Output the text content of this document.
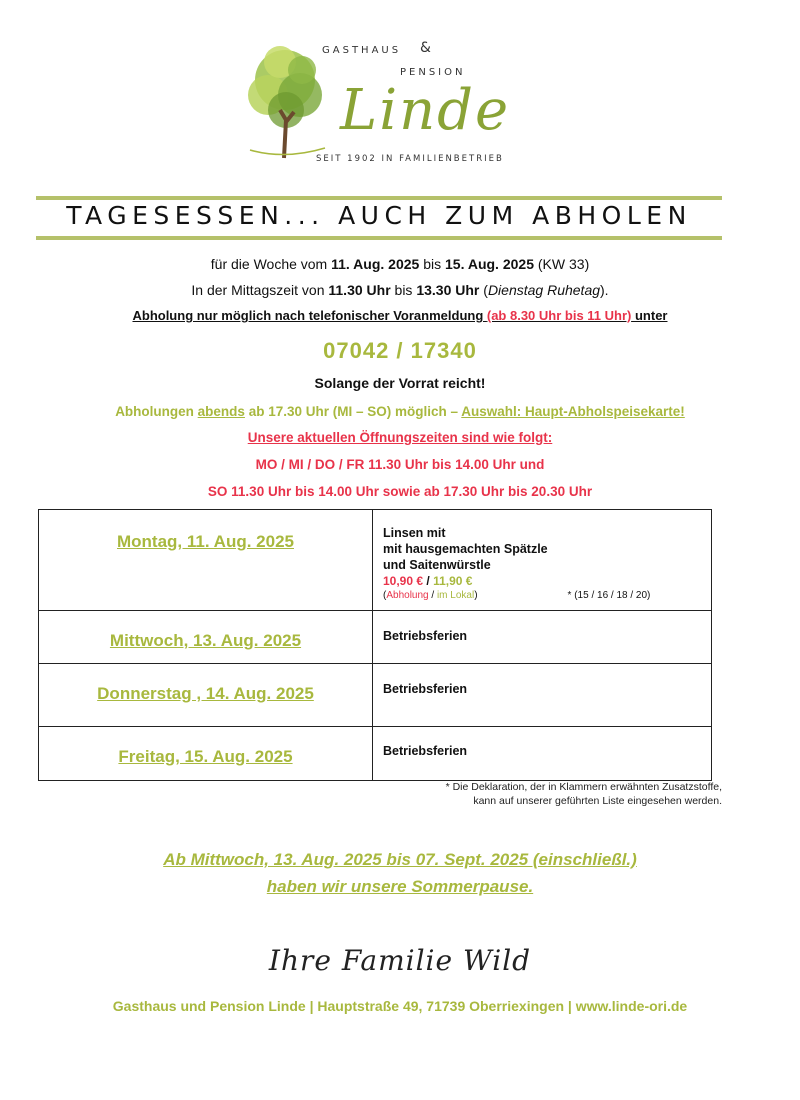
GASTHAUS &
PENSION
Linde
SEIT 1902 IN FAMILIENBETRIEB
TAGESESSEN... AUCH ZUM ABHOLEN
für die Woche vom 11. Aug. 2025 bis 15. Aug. 2025 (KW 33)
In der Mittagszeit von 11.30 Uhr bis 13.30 Uhr (Dienstag Ruhetag).
Abholung nur möglich nach telefonischer Voranmeldung (ab 8.30 Uhr bis 11 Uhr) unter
07042 / 17340
Solange der Vorrat reicht!
Abholungen abends ab 17.30 Uhr (MI – SO) möglich – Auswahl: Haupt-Abholspeisekarte!
Unsere aktuellen Öffnungszeiten sind wie folgt:
MO / MI / DO / FR 11.30 Uhr bis 14.00 Uhr und
SO 11.30 Uhr bis 14.00 Uhr sowie ab 17.30 Uhr bis 20.30 Uhr
Montag, 11. Aug. 2025	Linsen mit
mit hausgemachten Spätzle
und Saitenwürstle
10,90 € / 11,90 €
(Abholung / im Lokal)	* (15 / 16 / 18 / 20)
Mittwoch, 13. Aug. 2025	Betriebsferien
Donnerstag , 14. Aug. 2025	Betriebsferien
Freitag, 15. Aug. 2025	Betriebsferien
* Die Deklaration, der in Klammern erwähnten Zusatzstoffe,
kann auf unserer geführten Liste eingesehen werden.
Ab Mittwoch, 13. Aug. 2025 bis 07. Sept. 2025 (einschließl.)
haben wir unsere Sommerpause.
Ihre Familie Wild
Gasthaus und Pension Linde | Hauptstraße 49, 71739 Oberriexingen | www.linde-ori.de
